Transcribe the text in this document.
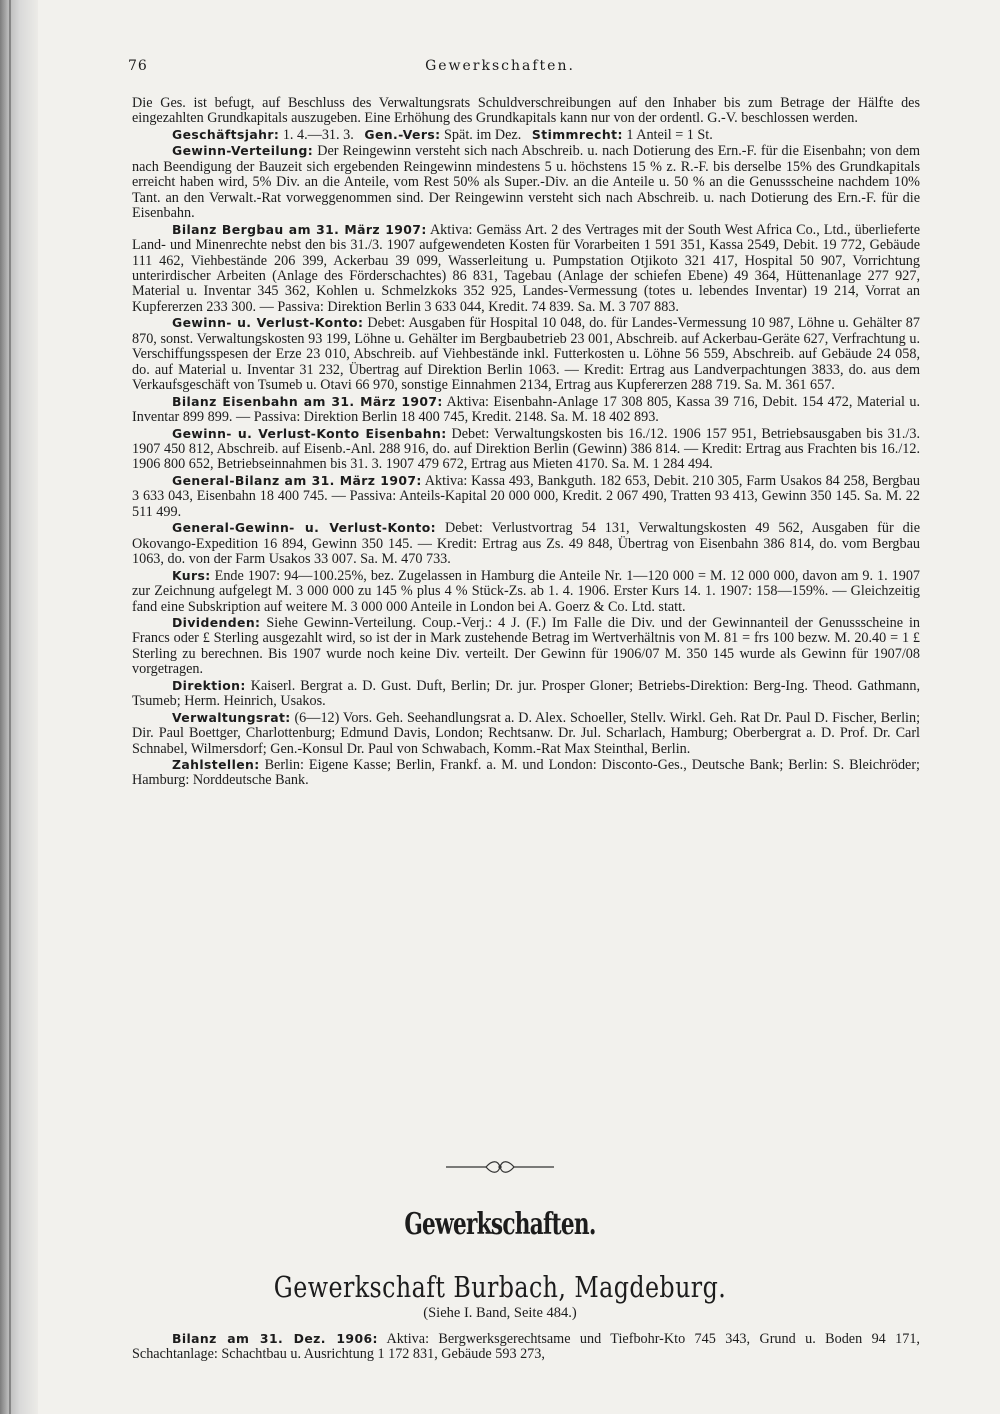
76	Gewerkschaften.

Die Ges. ist befugt, auf Beschluss des Verwaltungsrats Schuldverschreibungen auf den Inhaber bis zum Betrage der Hälfte des eingezahlten Grundkapitals auszugeben. Eine Erhöhung des Grundkapitals kann nur von der ordentl. G.-V. beschlossen werden.

Geschäftsjahr: 1. 4.—31. 3. Gen.-Vers: Spät. im Dez. Stimmrecht: 1 Anteil = 1 St.

Gewinn-Verteilung: Der Reingewinn versteht sich nach Abschreib. u. nach Dotierung des Ern.-F. für die Eisenbahn; von dem nach Beendigung der Bauzeit sich ergebenden Reingewinn mindestens 5 u. höchstens 15 % z. R.-F. bis derselbe 15% des Grundkapitals erreicht haben wird, 5% Div. an die Anteile, vom Rest 50% als Super.-Div. an die Anteile u. 50 % an die Genussscheine nachdem 10% Tant. an den Verwalt.-Rat vorweggenommen sind. Der Reingewinn versteht sich nach Abschreib. u. nach Dotierung des Ern.-F. für die Eisenbahn.

Bilanz Bergbau am 31. März 1907: Aktiva: Gemäss Art. 2 des Vertrages mit der South West Africa Co., Ltd., überlieferte Land- und Minenrechte nebst den bis 31./3. 1907 aufgewendeten Kosten für Vorarbeiten 1 591 351, Kassa 2549, Debit. 19 772, Gebäude 111 462, Viehbestände 206 399, Ackerbau 39 099, Wasserleitung u. Pumpstation Otjikoto 321 417, Hospital 50 907, Vorrichtung unterirdischer Arbeiten (Anlage des Förderschachtes) 86 831, Tagebau (Anlage der schiefen Ebene) 49 364, Hüttenanlage 277 927, Material u. Inventar 345 362, Kohlen u. Schmelzkoks 352 925, Landes-Vermessung (totes u. lebendes Inventar) 19 214, Vorrat an Kupfererzen 233 300. — Passiva: Direktion Berlin 3 633 044, Kredit. 74 839. Sa. M. 3 707 883.

Gewinn- u. Verlust-Konto: Debet: Ausgaben für Hospital 10 048, do. für Landes-Vermessung 10 987, Löhne u. Gehälter 87 870, sonst. Verwaltungskosten 93 199, Löhne u. Gehälter im Bergbaubetrieb 23 001, Abschreib. auf Ackerbau-Geräte 627, Verfrachtung u. Verschiffungsspesen der Erze 23 010, Abschreib. auf Viehbestände inkl. Futterkosten u. Löhne 56 559, Abschreib. auf Gebäude 24 058, do. auf Material u. Inventar 31 232, Übertrag auf Direktion Berlin 1063. — Kredit: Ertrag aus Landverpachtungen 3833, do. aus dem Verkaufsgeschäft von Tsumeb u. Otavi 66 970, sonstige Einnahmen 2134, Ertrag aus Kupfererzen 288 719. Sa. M. 361 657.

Bilanz Eisenbahn am 31. März 1907: Aktiva: Eisenbahn-Anlage 17 308 805, Kassa 39 716, Debit. 154 472, Material u. Inventar 899 899. — Passiva: Direktion Berlin 18 400 745, Kredit. 2148. Sa. M. 18 402 893.

Gewinn- u. Verlust-Konto Eisenbahn: Debet: Verwaltungskosten bis 16./12. 1906 157 951, Betriebsausgaben bis 31./3. 1907 450 812, Abschreib. auf Eisenb.-Anl. 288 916, do. auf Direktion Berlin (Gewinn) 386 814. — Kredit: Ertrag aus Frachten bis 16./12. 1906 800 652, Betriebseinnahmen bis 31. 3. 1907 479 672, Ertrag aus Mieten 4170. Sa. M. 1 284 494.

General-Bilanz am 31. März 1907: Aktiva: Kassa 493, Bankguth. 182 653, Debit. 210 305, Farm Usakos 84 258, Bergbau 3 633 043, Eisenbahn 18 400 745. — Passiva: Anteils-Kapital 20 000 000, Kredit. 2 067 490, Tratten 93 413, Gewinn 350 145. Sa. M. 22 511 499.

General-Gewinn- u. Verlust-Konto: Debet: Verlustvortrag 54 131, Verwaltungskosten 49 562, Ausgaben für die Okovango-Expedition 16 894, Gewinn 350 145. — Kredit: Ertrag aus Zs. 49 848, Übertrag von Eisenbahn 386 814, do. vom Bergbau 1063, do. von der Farm Usakos 33 007. Sa. M. 470 733.

Kurs: Ende 1907: 94—100.25%, bez. Zugelassen in Hamburg die Anteile Nr. 1—120 000 = M. 12 000 000, davon am 9. 1. 1907 zur Zeichnung aufgelegt M. 3 000 000 zu 145 % plus 4 % Stück-Zs. ab 1. 4. 1906. Erster Kurs 14. 1. 1907: 158—159%. — Gleichzeitig fand eine Subskription auf weitere M. 3 000 000 Anteile in London bei A. Goerz & Co. Ltd. statt.

Dividenden: Siehe Gewinn-Verteilung. Coup.-Verj.: 4 J. (F.) Im Falle die Div. und der Gewinnanteil der Genussscheine in Francs oder £ Sterling ausgezahlt wird, so ist der in Mark zustehende Betrag im Wertverhältnis von M. 81 = frs 100 bezw. M. 20.40 = 1 £ Sterling zu berechnen. Bis 1907 wurde noch keine Div. verteilt. Der Gewinn für 1906/07 M. 350 145 wurde als Gewinn für 1907/08 vorgetragen.

Direktion: Kaiserl. Bergrat a. D. Gust. Duft, Berlin; Dr. jur. Prosper Gloner; Betriebs-Direktion: Berg-Ing. Theod. Gathmann, Tsumeb; Herm. Heinrich, Usakos.

Verwaltungsrat: (6—12) Vors. Geh. Seehandlungsrat a. D. Alex. Schoeller, Stellv. Wirkl. Geh. Rat Dr. Paul D. Fischer, Berlin; Dir. Paul Boettger, Charlottenburg; Edmund Davis, London; Rechtsanw. Dr. Jul. Scharlach, Hamburg; Oberbergrat a. D. Prof. Dr. Carl Schnabel, Wilmersdorf; Gen.-Konsul Dr. Paul von Schwabach, Komm.-Rat Max Steinthal, Berlin.

Zahlstellen: Berlin: Eigene Kasse; Berlin, Frankf. a. M. und London: Disconto-Ges., Deutsche Bank; Berlin: S. Bleichröder; Hamburg: Norddeutsche Bank.

Gewerkschaften.
Gewerkschaft Burbach, Magdeburg.
(Siehe I. Band, Seite 484.)

Bilanz am 31. Dez. 1906: Aktiva: Bergwerksgerechtsame und Tiefbohr-Kto 745 343, Grund u. Boden 94 171, Schachtanlage: Schachtbau u. Ausrichtung 1 172 831, Gebäude 593 273,
